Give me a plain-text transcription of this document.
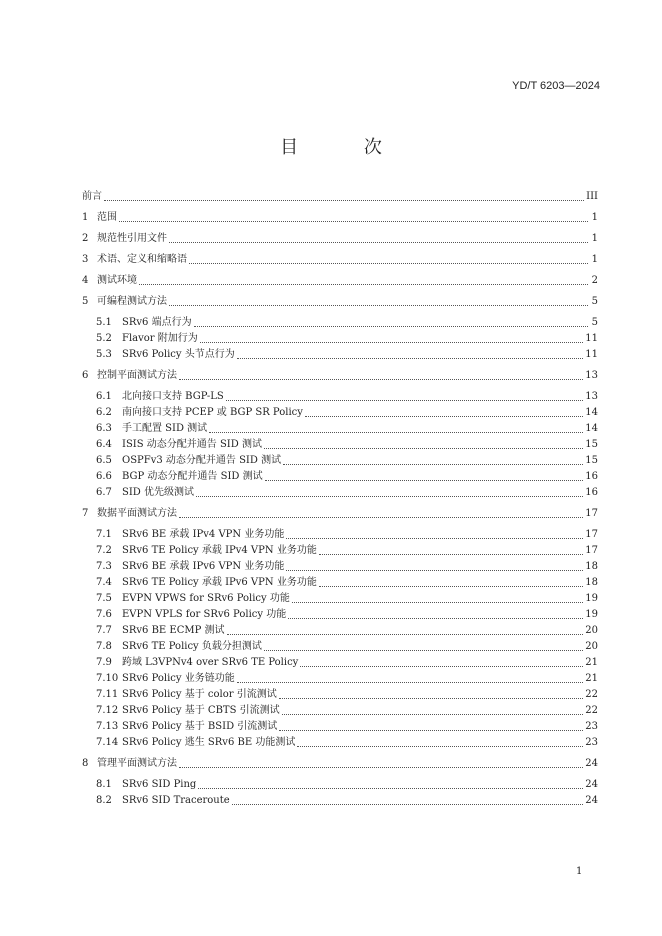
YD/T 6203—2024
目 次
前言	III
1 范围	1
2 规范性引用文件	1
3 术语、定义和缩略语	1
4 测试环境	2
5 可编程测试方法	5
5.1	SRv6 端点行为	5
5.2	Flavor 附加行为	11
5.3	SRv6 Policy 头节点行为	11
6 控制平面测试方法	13
6.1	北向接口支持 BGP-LS	13
6.2	南向接口支持 PCEP 或 BGP SR Policy	14
6.3	手工配置 SID 测试	14
6.4	ISIS 动态分配并通告 SID 测试	15
6.5	OSPFv3 动态分配并通告 SID 测试	15
6.6	BGP 动态分配并通告 SID 测试	16
6.7	SID 优先级测试	16
7 数据平面测试方法	17
7.1	SRv6 BE 承载 IPv4 VPN 业务功能	17
7.2	SRv6 TE Policy 承载 IPv4 VPN 业务功能	17
7.3	SRv6 BE 承载 IPv6 VPN 业务功能	18
7.4	SRv6 TE Policy 承载 IPv6 VPN 业务功能	18
7.5	EVPN VPWS for SRv6 Policy 功能	19
7.6	EVPN VPLS for SRv6 Policy 功能	19
7.7	SRv6 BE ECMP 测试	20
7.8	SRv6 TE Policy 负载分担测试	20
7.9	跨域 L3VPNv4 over SRv6 TE Policy	21
7.10 SRv6 Policy 业务链功能	21
7.11 SRv6 Policy 基于 color 引流测试	22
7.12 SRv6 Policy 基于 CBTS 引流测试	22
7.13 SRv6 Policy 基于 BSID 引流测试	23
7.14 SRv6 Policy 逃生 SRv6 BE 功能测试	23
8 管理平面测试方法	24
8.1	SRv6 SID Ping	24
8.2	SRv6 SID Traceroute	24
1
